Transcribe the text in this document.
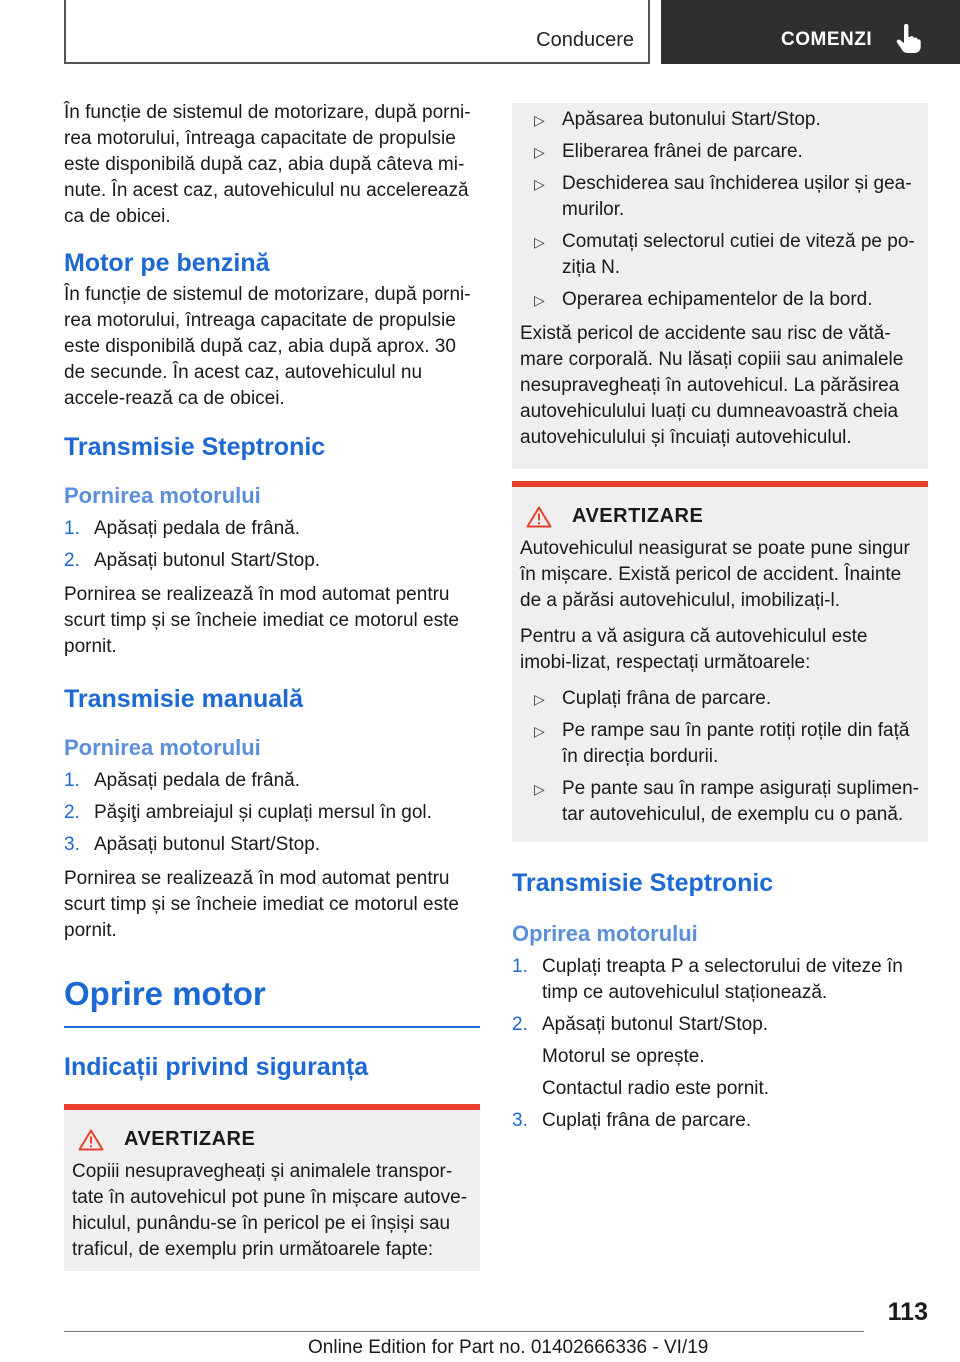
Conducere	COMENZI

În funcție de sistemul de motorizare, după porni-rea motorului, întreaga capacitate de propulsie este disponibilă după caz, abia după câteva mi-nute. În acest caz, autovehiculul nu accelerează ca de obicei.

Motor pe benzină

În funcție de sistemul de motorizare, după porni-rea motorului, întreaga capacitate de propulsie este disponibilă după caz, abia după aprox. 30 de secunde. În acest caz, autovehiculul nu accele-rează ca de obicei.

Transmisie Steptronic
Pornirea motorului
1. Apăsați pedala de frână.
2. Apăsați butonul Start/Stop.

Pornirea se realizează în mod automat pentru scurt timp și se încheie imediat ce motorul este pornit.

Transmisie manuală
Pornirea motorului
1. Apăsați pedala de frână.
2. Păşiţi ambreiajul și cuplați mersul în gol.
3. Apăsați butonul Start/Stop.

Pornirea se realizează în mod automat pentru scurt timp și se încheie imediat ce motorul este pornit.

Oprire motor
Indicații privind siguranța
AVERTIZARE

Copiii nesupravegheați și animalele transpor-tate în autovehicul pot pune în mișcare autove-hiculul, punându-se în pericol pe ei înșiși sau traficul, de exemplu prin următoarele fapte:

▷ Apăsarea butonului Start/Stop.
▷ Eliberarea frânei de parcare.
▷ Deschiderea sau închiderea ușilor și gea-murilor.
▷ Comutați selectorul cutiei de viteză pe po-ziția N.
▷ Operarea echipamentelor de la bord.

Există pericol de accidente sau risc de vătă-mare corporală. Nu lăsați copiii sau animalele nesupravegheați în autovehicul. La părăsirea autovehiculului luați cu dumneavoastră cheia autovehiculului și încuiați autovehiculul.

AVERTIZARE

Autovehiculul neasigurat se poate pune singur în mișcare. Există pericol de accident. Înainte de a părăsi autovehiculul, imobilizați-l.

Pentru a vă asigura că autovehiculul este imobi-lizat, respectați următoarele:

▷ Cuplați frâna de parcare.
▷ Pe rampe sau în pante rotiți roțile din față în direcția bordurii.
▷ Pe pante sau în rampe asigurați suplimen-tar autovehiculul, de exemplu cu o pană.
Transmisie Steptronic
Oprirea motorului
1. Cuplați treapta P a selectorului de viteze în timp ce autovehiculul staționează.
2. Apăsați butonul Start/Stop.
Motorul se oprește.
Contactul radio este pornit.
3. Cuplați frâna de parcare.
113
Online Edition for Part no. 01402666336 - VI/19
